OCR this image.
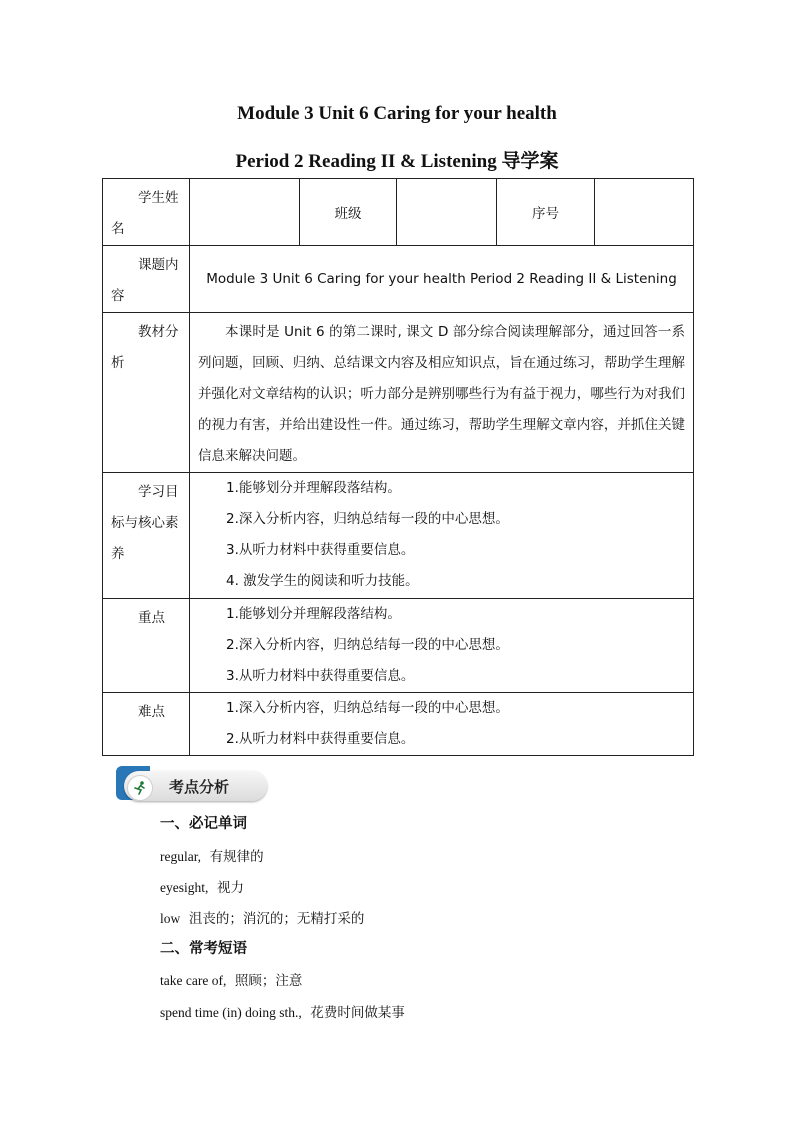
Module 3 Unit 6 Caring for your health
Period 2 Reading II & Listening 导学案
学生姓名		班级		序号	

课题内容	Module 3 Unit 6 Caring for your health Period 2 Reading II & Listening				

教材分析	本课时是 Unit 6 的第二课时, 课文 D 部分综合阅读理解部分，通过回答一系列问题，回顾、归纳、总结课文内容及相应知识点，旨在通过练习，帮助学生理解并强化对文章结构的认识；听力部分是辨别哪些行为有益于视力，哪些行为对我们的视力有害，并给出建设性一件。通过练习，帮助学生理解文章内容，并抓住关键信息来解决问题。				

学习目标与核心素养	1.能够划分并理解段落结构。
2.深入分析内容，归纳总结每一段的中心思想。
3.从听力材料中获得重要信息。
4. 激发学生的阅读和听力技能。				

重点	1.能够划分并理解段落结构。
2.深入分析内容，归纳总结每一段的中心思想。
3.从听力材料中获得重要信息。				

难点	1.深入分析内容，归纳总结每一段的中心思想。
2.从听力材料中获得重要信息。				
考点分析
一、必记单词
regular, 有规律的
eyesight, 视力
low 沮丧的；消沉的；无精打采的
二、常考短语
take care of, 照顾；注意
spend time (in) doing sth., 花费时间做某事
